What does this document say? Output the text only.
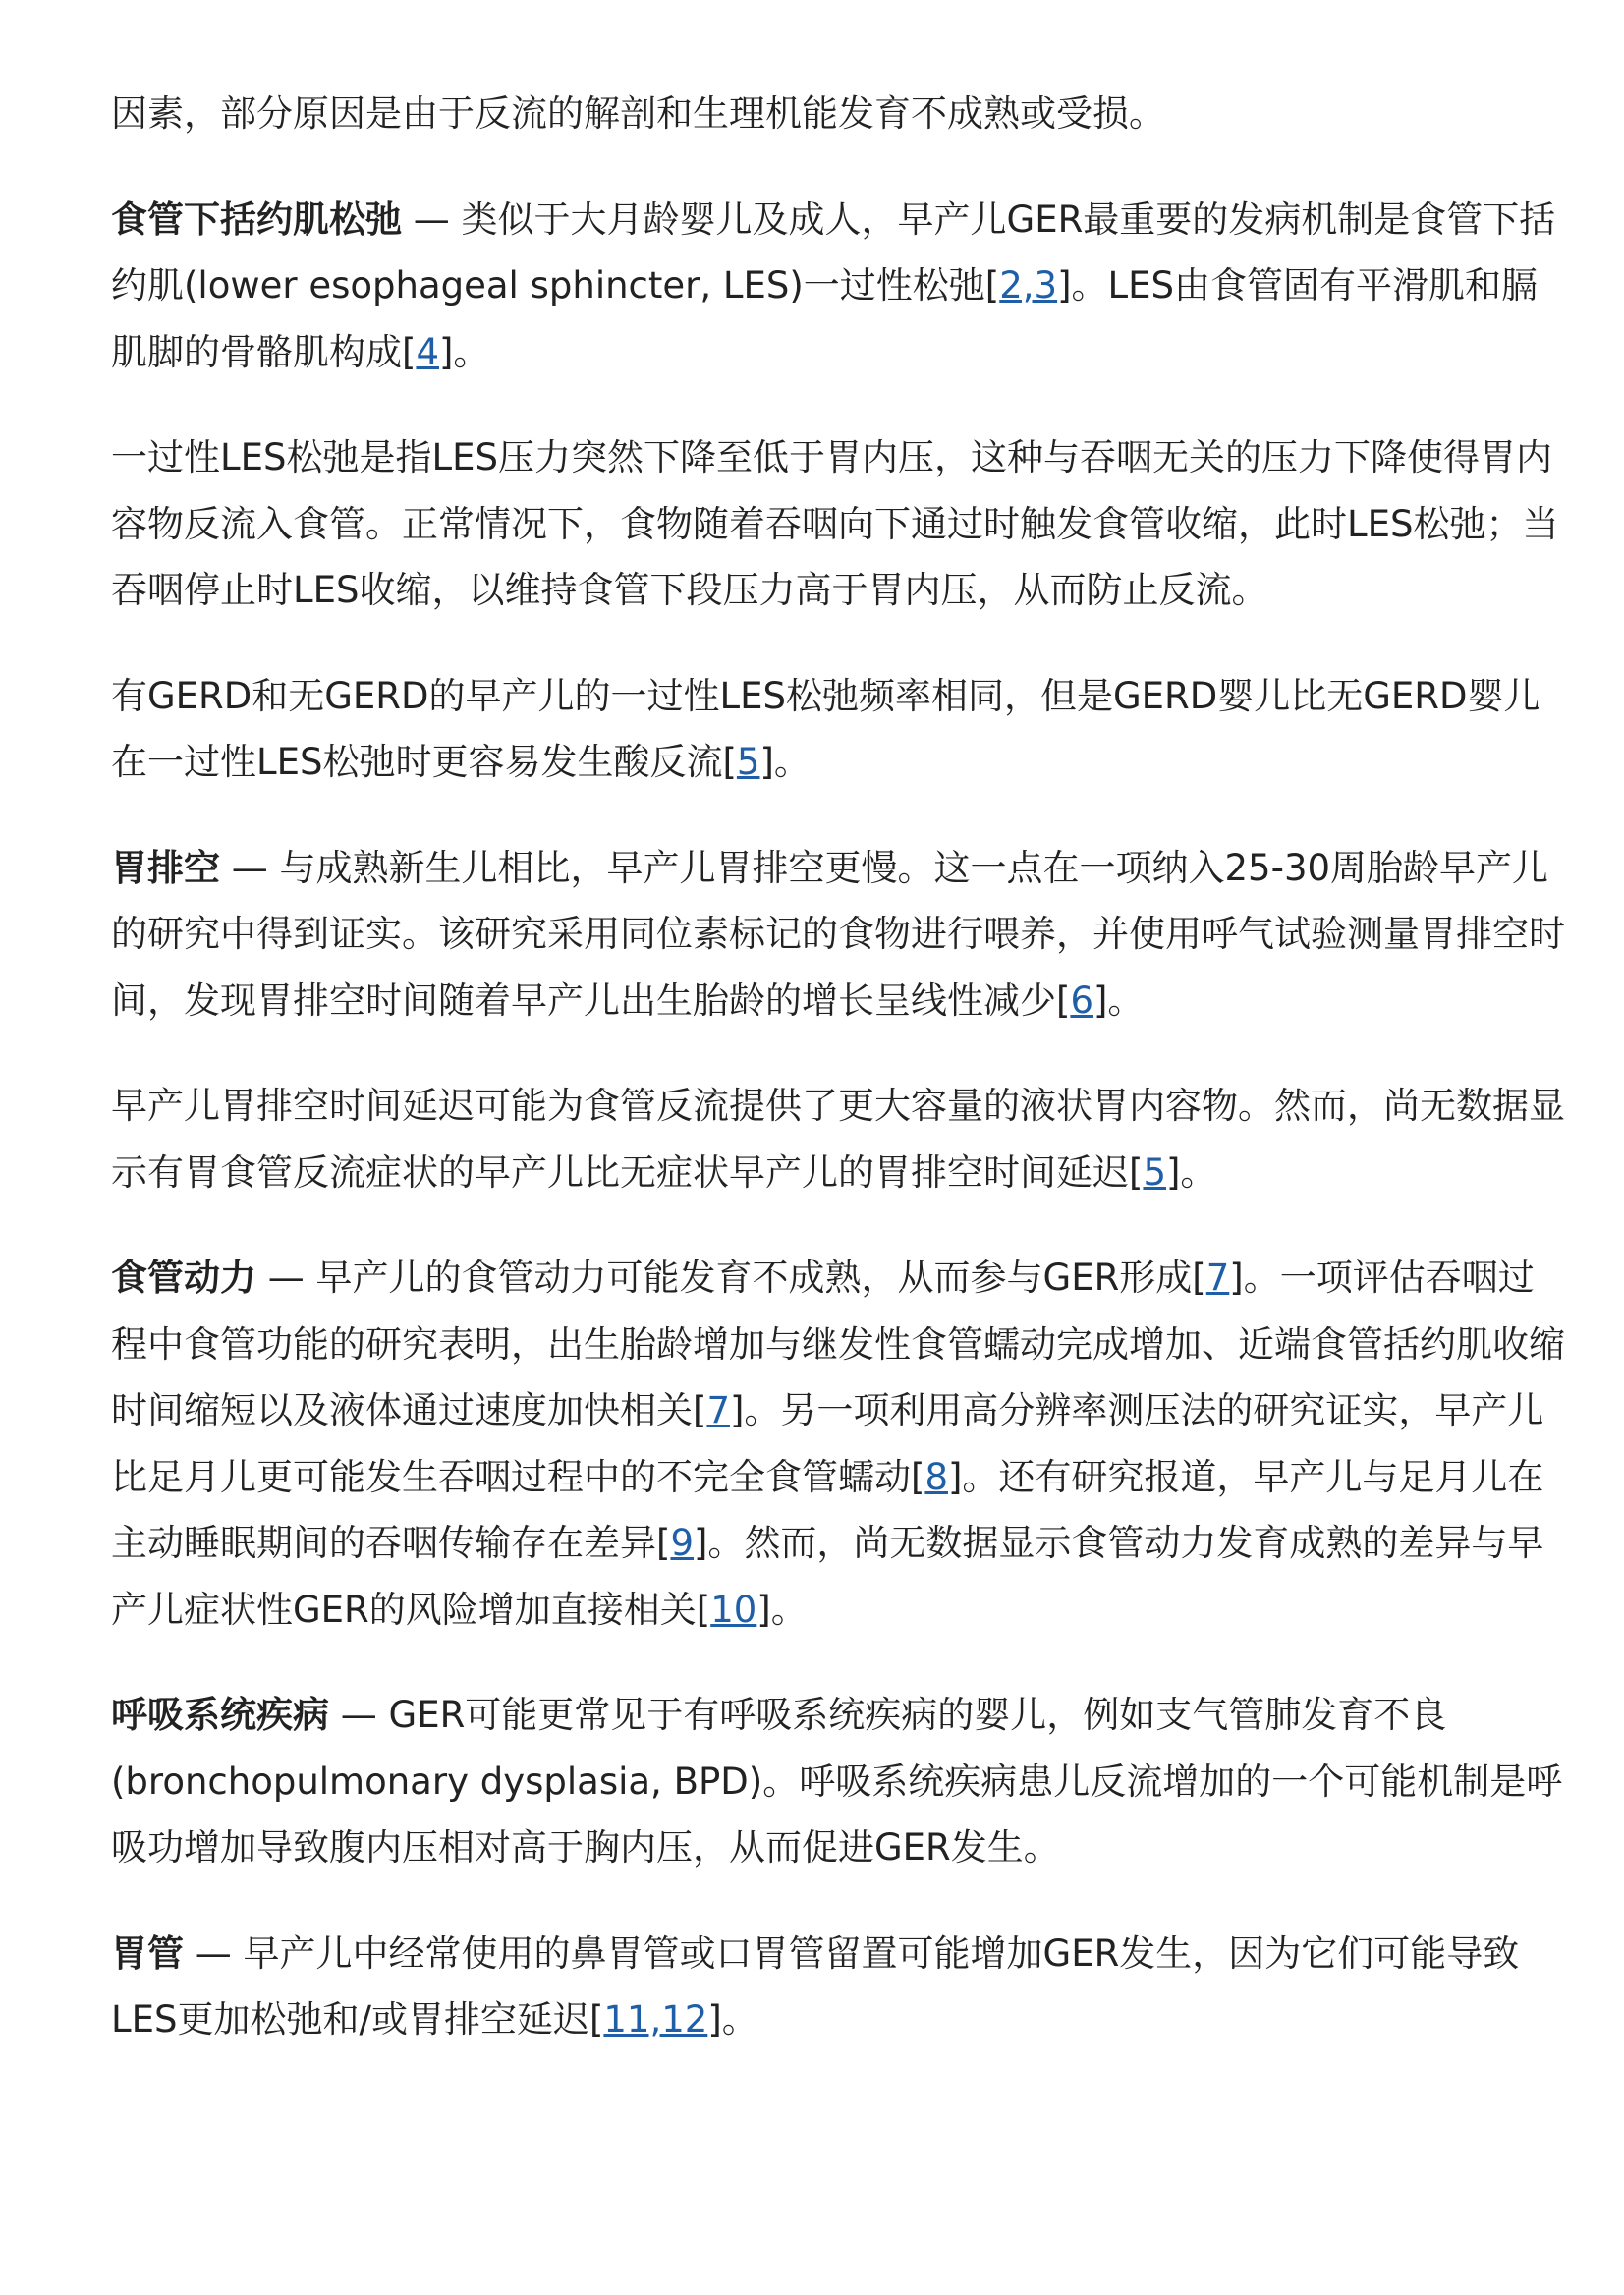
因素，部分原因是由于反流的解剖和生理机能发育不成熟或受损。

食管下括约肌松弛 — 类似于大月龄婴儿及成人，早产儿GER最重要的发病机制是食管下括约肌(lower esophageal sphincter, LES)一过性松弛[2,3]。LES由食管固有平滑肌和膈肌脚的骨骼肌构成[4]。

一过性LES松弛是指LES压力突然下降至低于胃内压，这种与吞咽无关的压力下降使得胃内容物反流入食管。正常情况下，食物随着吞咽向下通过时触发食管收缩，此时LES松弛；当吞咽停止时LES收缩，以维持食管下段压力高于胃内压，从而防止反流。

有GERD和无GERD的早产儿的一过性LES松弛频率相同，但是GERD婴儿比无GERD婴儿在一过性LES松弛时更容易发生酸反流[5]。

胃排空 — 与成熟新生儿相比，早产儿胃排空更慢。这一点在一项纳入25-30周胎龄早产儿的研究中得到证实。该研究采用同位素标记的食物进行喂养，并使用呼气试验测量胃排空时间，发现胃排空时间随着早产儿出生胎龄的增长呈线性减少[6]。

早产儿胃排空时间延迟可能为食管反流提供了更大容量的液状胃内容物。然而，尚无数据显示有胃食管反流症状的早产儿比无症状早产儿的胃排空时间延迟[5]。

食管动力 — 早产儿的食管动力可能发育不成熟，从而参与GER形成[7]。一项评估吞咽过程中食管功能的研究表明，出生胎龄增加与继发性食管蠕动完成增加、近端食管括约肌收缩时间缩短以及液体通过速度加快相关[7]。另一项利用高分辨率测压法的研究证实，早产儿比足月儿更可能发生吞咽过程中的不完全食管蠕动[8]。还有研究报道，早产儿与足月儿在主动睡眠期间的吞咽传输存在差异[9]。然而，尚无数据显示食管动力发育成熟的差异与早产儿症状性GER的风险增加直接相关[10]。

呼吸系统疾病 — GER可能更常见于有呼吸系统疾病的婴儿，例如支气管肺发育不良(bronchopulmonary dysplasia, BPD)。呼吸系统疾病患儿反流增加的一个可能机制是呼吸功增加导致腹内压相对高于胸内压，从而促进GER发生。

胃管 — 早产儿中经常使用的鼻胃管或口胃管留置可能增加GER发生，因为它们可能导致LES更加松弛和/或胃排空延迟[11,12]。
